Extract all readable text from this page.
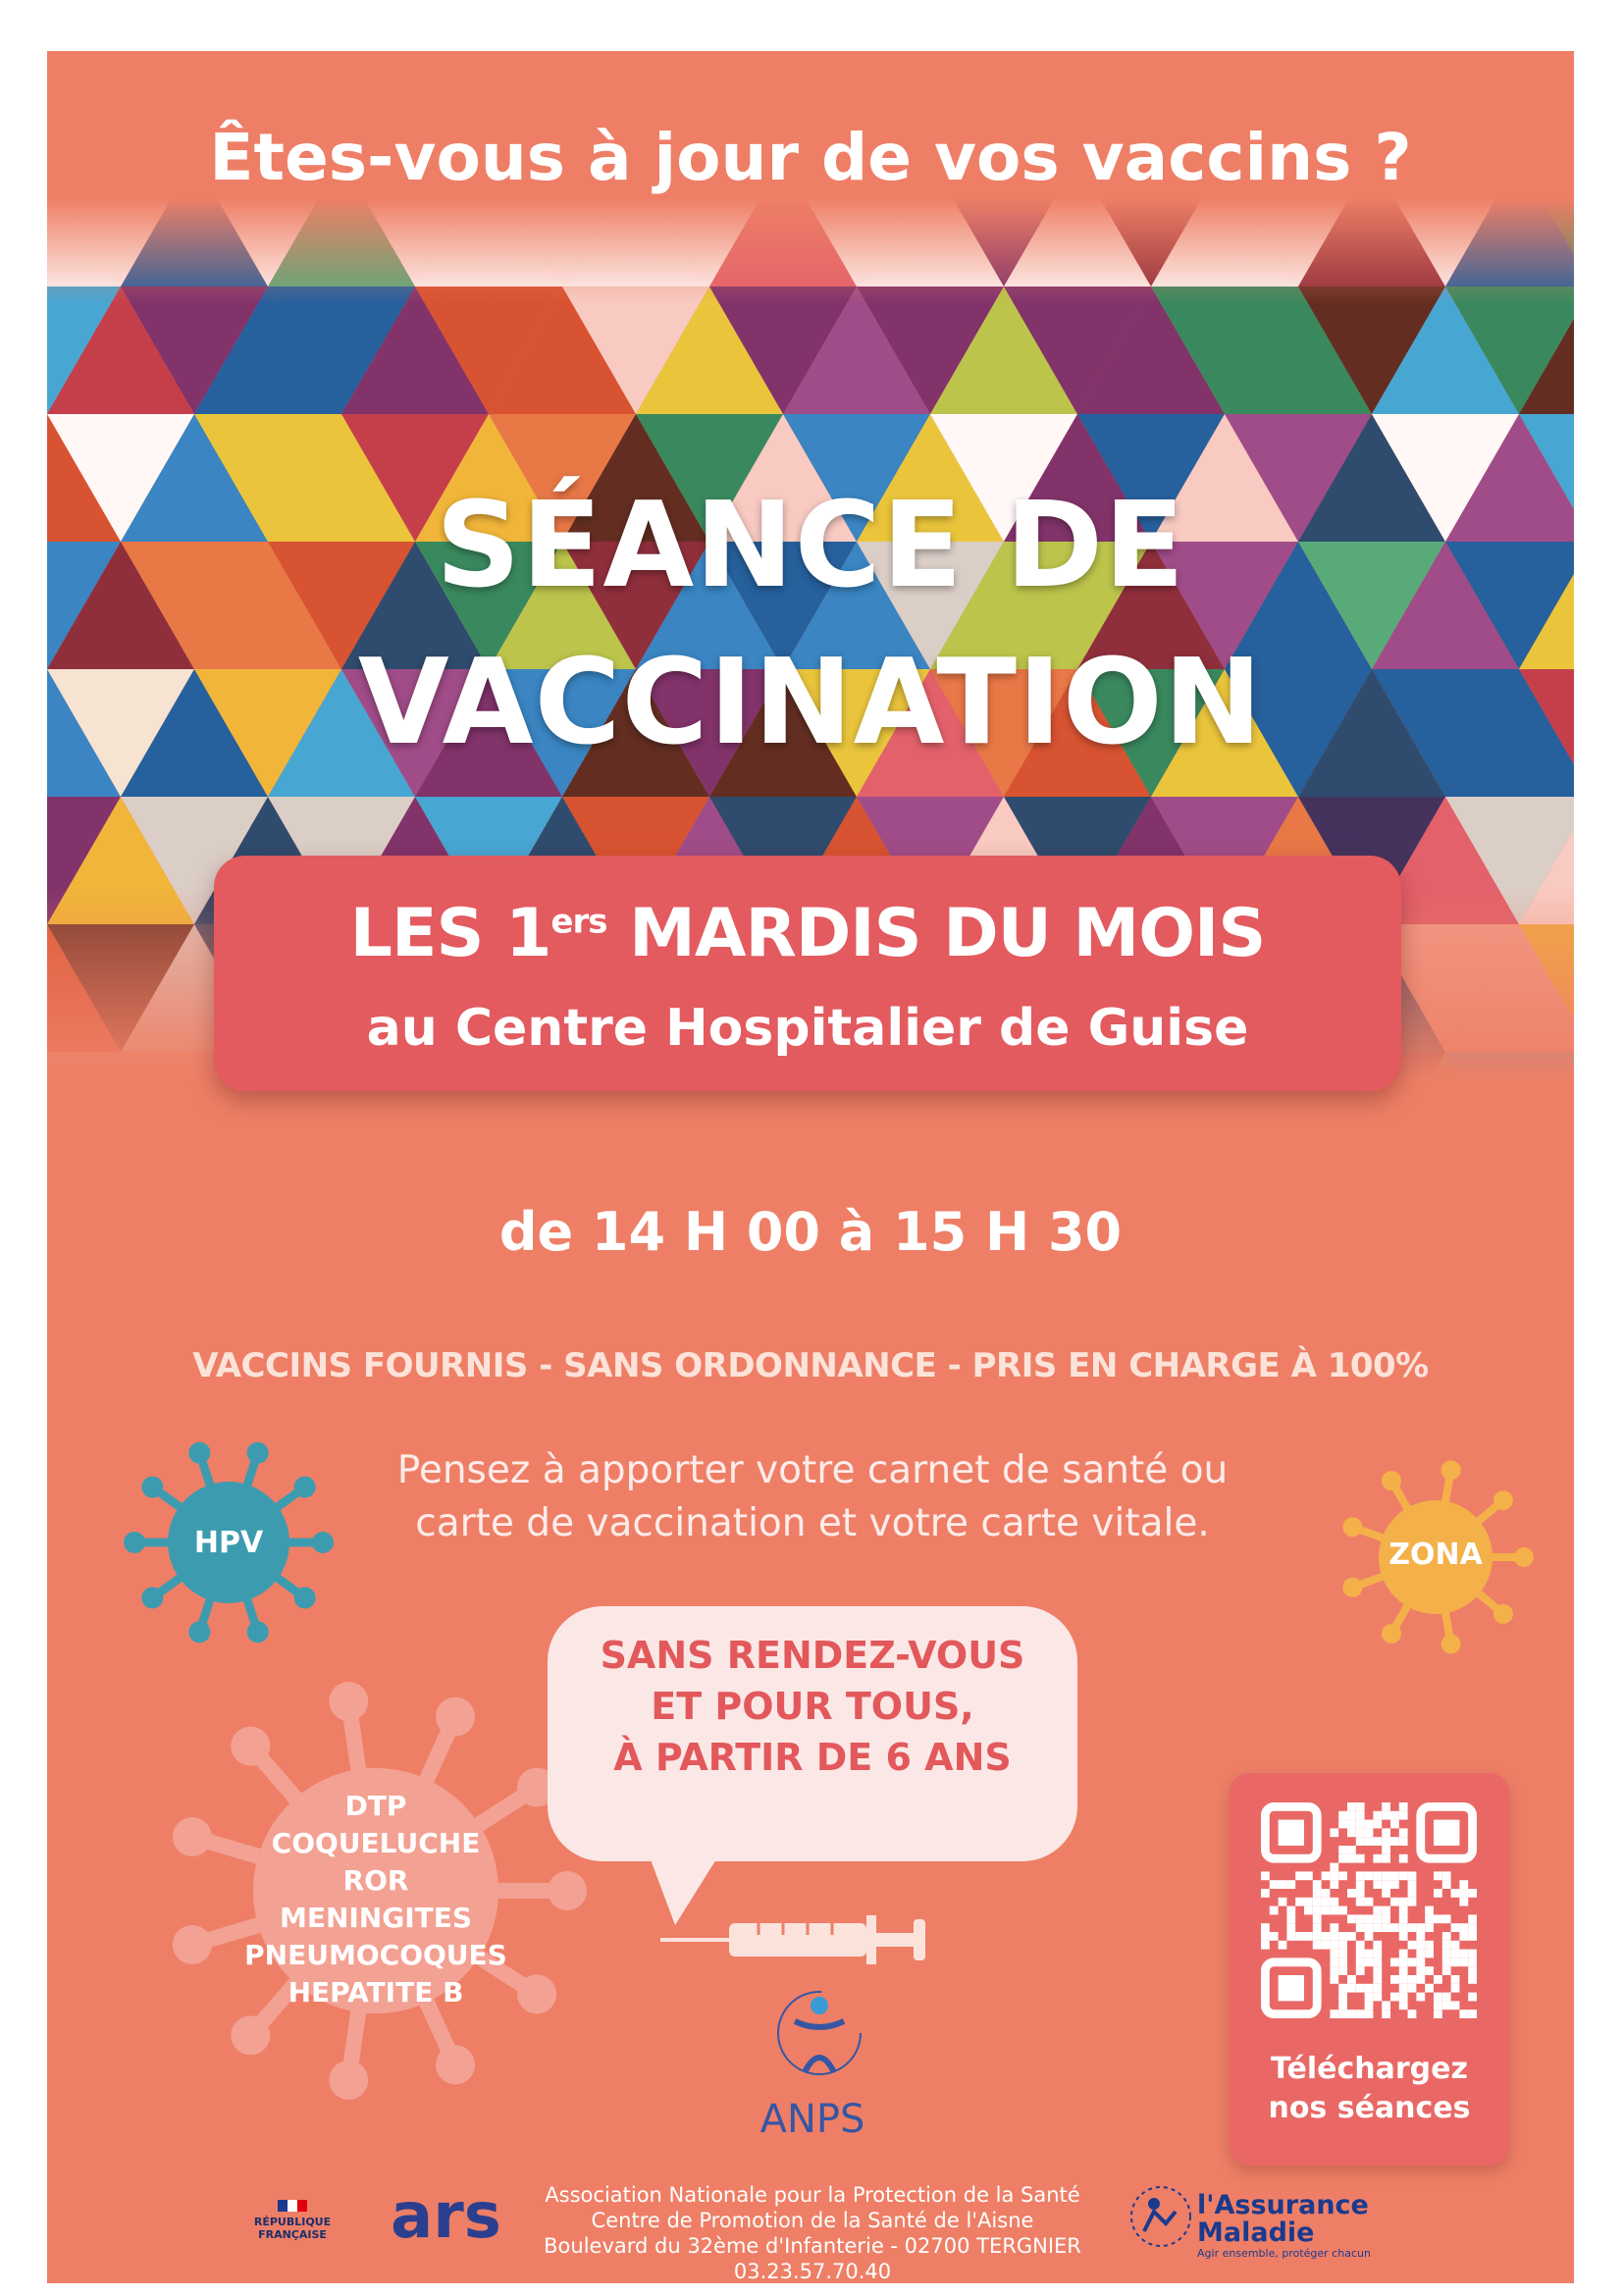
Êtes-vous à jour de vos vaccins ?
SÉANCE DE
VACCINATION
LES 1ers MARDIS DU MOIS
au Centre Hospitalier de Guise
de 14 H 00 à 15 H 30
VACCINS FOURNIS - SANS ORDONNANCE - PRIS EN CHARGE À 100%
Pensez à apporter votre carnet de santé ou
carte de vaccination et votre carte vitale.
HPV	ZONA
DTP
COQUELUCHE
ROR
MENINGITES
PNEUMOCOQUES
HEPATITE B
SANS RENDEZ-VOUS
ET POUR TOUS,
À PARTIR DE 6 ANS
Téléchargez
nos séances
ANPS
RÉPUBLIQUE
FRANÇAISE	ars	Association Nationale pour la Protection de la Santé
Centre de Promotion de la Santé de l'Aisne
Boulevard du 32ème d'Infanterie - 02700 TERGNIER
03.23.57.70.40
l'Assurance
Maladie
Agir ensemble, protéger chacun
